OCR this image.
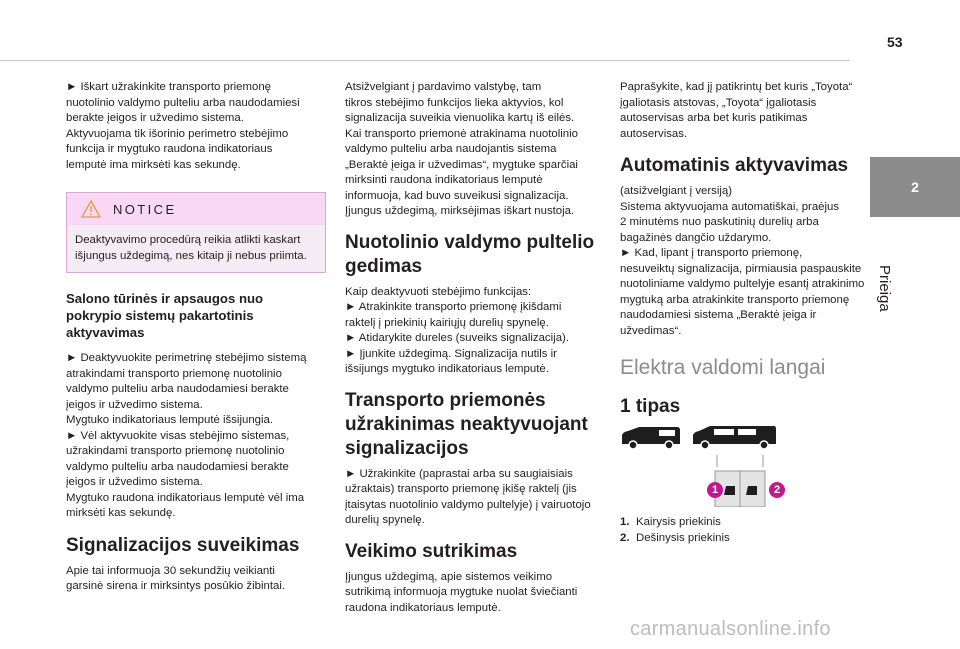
53
2
Prieiga

► Iškart užrakinkite transporto priemonę
nuotolinio valdymo pulteliu arba naudodamiesi
berakte įeigos ir užvedimo sistema.
Aktyvuojama tik išorinio perimetro stebėjimo
funkcija ir mygtuko raudona indikatoriaus
lemputė ima mirksėti kas sekundę.

NOTICE

Deaktyvavimo procedūrą reikia atlikti kaskart
išjungus uždegimą, nes kitaip ji nebus priimta.

Salono tūrinės ir apsaugos nuo
pokrypio sistemų pakartotinis
aktyvavimas

► Deaktyvuokite perimetrinę stebėjimo sistemą
atrakindami transporto priemonę nuotolinio
valdymo pulteliu arba naudodamiesi berakte
įeigos ir užvedimo sistema.
Mygtuko indikatoriaus lemputė išsijungia.
► Vėl aktyvuokite visas stebėjimo sistemas,
užrakindami transporto priemonę nuotolinio
valdymo pulteliu arba naudodamiesi berakte
įeigos ir užvedimo sistema.
Mygtuko raudona indikatoriaus lemputė vėl ima
mirksėti kas sekundę.

Signalizacijos suveikimas

Apie tai informuoja 30 sekundžių veikianti
garsinė sirena ir mirksintys posūkio žibintai.

Atsižvelgiant į pardavimo valstybę, tam
tikros stebėjimo funkcijos lieka aktyvios, kol
signalizacija suveikia vienuolika kartų iš eilės.
Kai transporto priemonė atrakinama nuotolinio
valdymo pulteliu arba naudojantis sistema
„Beraktė įeiga ir užvedimas“, mygtuke sparčiai
mirksinti raudona indikatoriaus lemputė
informuoja, kad buvo suveikusi signalizacija.
Įjungus uždegimą, mirksėjimas iškart nustoja.

Nuotolinio valdymo pultelio
gedimas

Kaip deaktyvuoti stebėjimo funkcijas:
► Atrakinkite transporto priemonę įkišdami
raktelį į priekinių kairiųjų durelių spynelę.
► Atidarykite dureles (suveiks signalizacija).
► Įjunkite uždegimą. Signalizacija nutils ir
išsijungs mygtuko indikatoriaus lemputė.

Transporto priemonės
užrakinimas neaktyvuojant
signalizacijos

► Užrakinkite (paprastai arba su saugiaisiais
užraktais) transporto priemonę įkišę raktelį (jis
įtaisytas nuotolinio valdymo pultelyje) į vairuotojo
durelių spynelę.

Veikimo sutrikimas

Įjungus uždegimą, apie sistemos veikimo
sutrikimą informuoja mygtuke nuolat šviečianti
raudona indikatoriaus lemputė.

Paprašykite, kad jį patikrintų bet kuris „Toyota“
įgaliotasis atstovas, „Toyota“ įgaliotasis
autoservisas arba bet kuris patikimas
autoservisas.

Automatinis aktyvavimas

(atsižvelgiant į versiją)
Sistema aktyvuojama automatiškai, praėjus
2 minutėms nuo paskutinių durelių arba
bagažinės dangčio uždarymo.
► Kad, lipant į transporto priemonę,
nesuveiktų signalizacija, pirmiausia paspauskite
nuotoliniame valdymo pultelyje esantį atrakinimo
mygtuką arba atrakinkite transporto priemonę
naudodamiesi sistema „Beraktė įeiga ir
užvedimas“.

Elektra valdomi langai

1 tipas

1	2
1. Kairysis priekinis
2. Dešinysis priekinis
carmanualsonline.info
